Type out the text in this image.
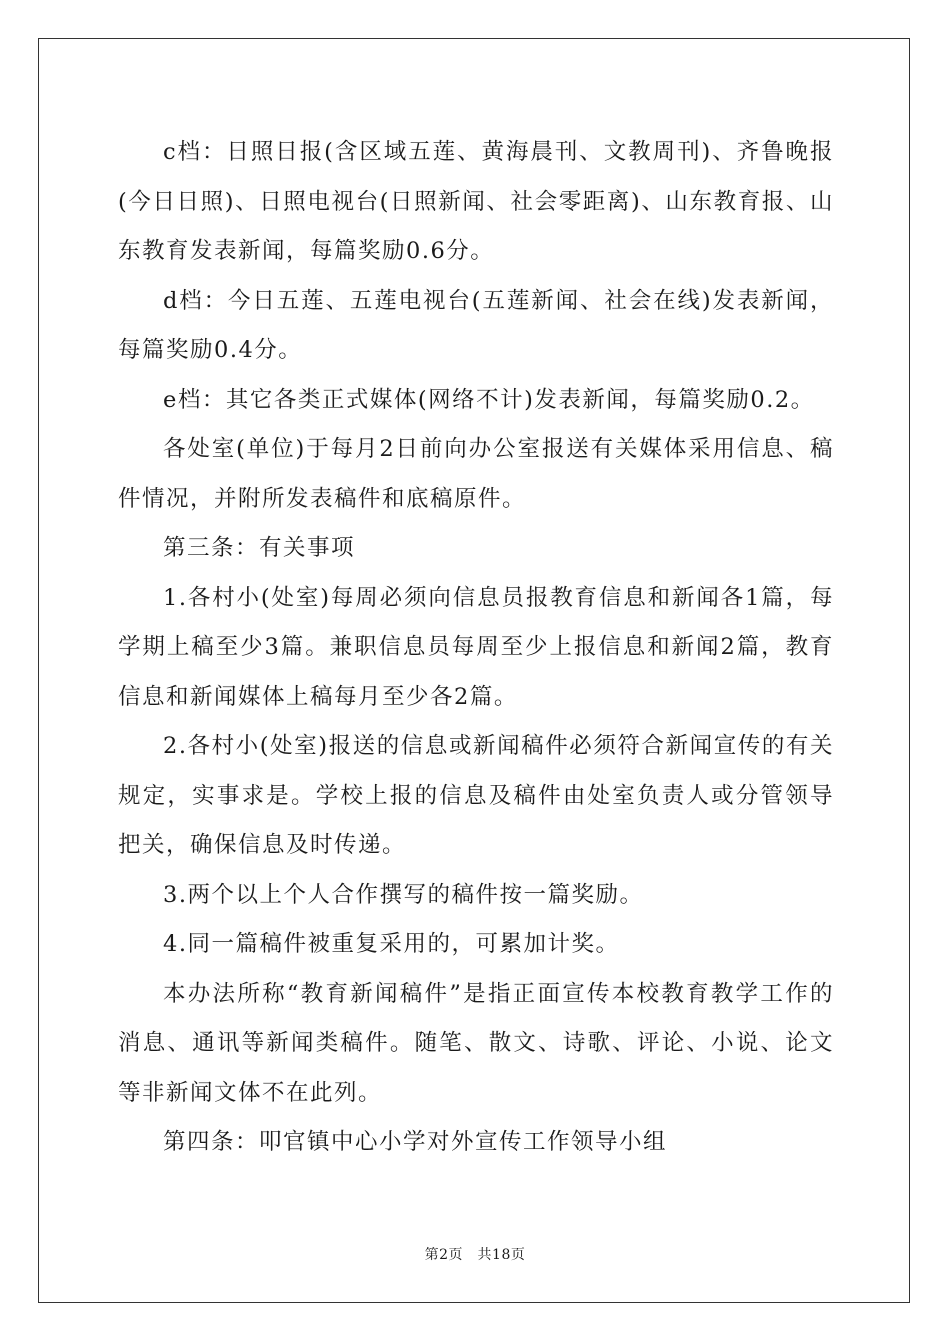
c档：日照日报(含区域五莲、黄海晨刊、文教周刊)、齐鲁晚报(今日日照)、日照电视台(日照新闻、社会零距离)、山东教育报、山东教育发表新闻，每篇奖励0.6分。

d档：今日五莲、五莲电视台(五莲新闻、社会在线)发表新闻，每篇奖励0.4分。

e档：其它各类正式媒体(网络不计)发表新闻，每篇奖励0.2。

各处室(单位)于每月2日前向办公室报送有关媒体采用信息、稿件情况，并附所发表稿件和底稿原件。

第三条：有关事项

1.各村小(处室)每周必须向信息员报教育信息和新闻各1篇，每学期上稿至少3篇。兼职信息员每周至少上报信息和新闻2篇，教育信息和新闻媒体上稿每月至少各2篇。

2.各村小(处室)报送的信息或新闻稿件必须符合新闻宣传的有关规定，实事求是。学校上报的信息及稿件由处室负责人或分管领导把关，确保信息及时传递。

3.两个以上个人合作撰写的稿件按一篇奖励。

4.同一篇稿件被重复采用的，可累加计奖。

本办法所称“教育新闻稿件”是指正面宣传本校教育教学工作的消息、通讯等新闻类稿件。随笔、散文、诗歌、评论、小说、论文等非新闻文体不在此列。

第四条：叩官镇中心小学对外宣传工作领导小组

第2页　共18页
